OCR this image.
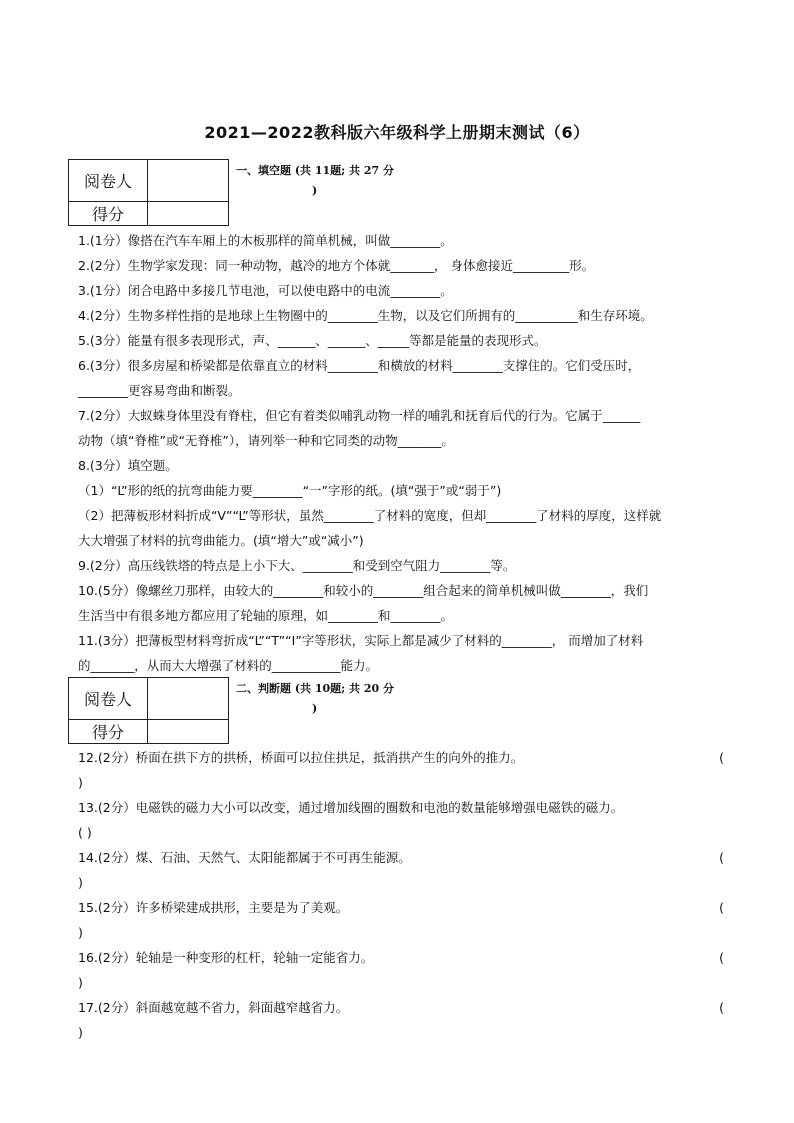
2021—2022教科版六年级科学上册期末测试（6）
阅卷人	
得分	
一、填空题 (共 11题; 共 27 分
)

1.(1分）像搭在汽车车厢上的木板那样的简单机械，叫做________。

2.(2分）生物学家发现：同一种动物，越冷的地方个体就_______， 身体愈接近_________形。

3.(1分）闭合电路中多接几节电池，可以使电路中的电流________。

4.(2分）生物多样性指的是地球上生物圈中的________生物，以及它们所拥有的__________和生存环境。

5.(3分）能量有很多表现形式，声、______、______、_____等都是能量的表现形式。

6.(3分）很多房屋和桥梁都是依靠直立的材料________和横放的材料________支撑住的。它们受压时，
________更容易弯曲和断裂。

7.(2分）大蚁蛛身体里没有脊柱，但它有着类似哺乳动物一样的哺乳和抚育后代的行为。它属于______
动物（填“脊椎”或“无脊椎”），请列举一种和它同类的动物_______。

8.(3分）填空题。

（1）“L”形的纸的抗弯曲能力要________“一”字形的纸。(填“强于”或“弱于”)

（2）把薄板形材料折成“V”“L”等形状，虽然________了材料的宽度，但却________了材料的厚度，这样就
大大增强了材料的抗弯曲能力。(填“增大”或“减小”)

9.(2分）高压线铁塔的特点是上小下大、________和受到空气阻力________等。

10.(5分）像螺丝刀那样，由较大的________和较小的________组合起来的简单机械叫做________，我们
生活当中有很多地方都应用了轮轴的原理，如________和________。

11.(3分）把薄板型材料弯折成“L”“T”“I”字等形状，实际上都是减少了材料的________， 而增加了材料
的_______，从而大大增强了材料的___________能力。

阅卷人	
得分	
二、判断题 (共 10题; 共 20 分
)

12.(2分）桥面在拱下方的拱桥，桥面可以拉住拱足，抵消拱产生的向外的推力。	(
)

13.(2分）电磁铁的磁力大小可以改变，通过增加线圈的圈数和电池的数量能够增强电磁铁的磁力。
( )

14.(2分）煤、石油、天然气、太阳能都属于不可再生能源。	(
)

15.(2分）许多桥梁建成拱形，主要是为了美观。	(
)

16.(2分）轮轴是一种变形的杠杆，轮轴一定能省力。	(
)

17.(2分）斜面越宽越不省力，斜面越窄越省力。	(
)
